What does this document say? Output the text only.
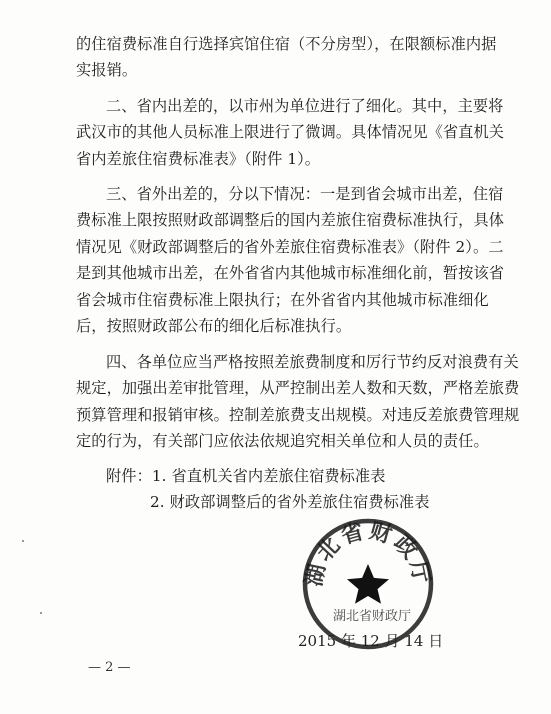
的住宿费标准自行选择宾馆住宿（不分房型），在限额标准内据
实报销。
二、省内出差的，以市州为单位进行了细化。其中，主要将
武汉市的其他人员标准上限进行了微调。具体情况见《省直机关
省内差旅住宿费标准表》（附件 1）。
三、省外出差的，分以下情况：一是到省会城市出差，住宿
费标准上限按照财政部调整后的国内差旅住宿费标准执行，具体
情况见《财政部调整后的省外差旅住宿费标准表》（附件 2）。二
是到其他城市出差，在外省省内其他城市标准细化前，暂按该省
省会城市住宿费标准上限执行；在外省省内其他城市标准细化
后，按照财政部公布的细化后标准执行。
四、各单位应当严格按照差旅费制度和厉行节约反对浪费有关
规定，加强出差审批管理，从严控制出差人数和天数，严格差旅费
预算管理和报销审核。控制差旅费支出规模。对违反差旅费管理规
定的行为，有关部门应依法依规追究相关单位和人员的责任。
附件：1. 省直机关省内差旅住宿费标准表
2. 财政部调整后的省外差旅住宿费标准表
湖北省财政厅
湖北省财政厅
2015 年 12 月 14 日
— 2 —
